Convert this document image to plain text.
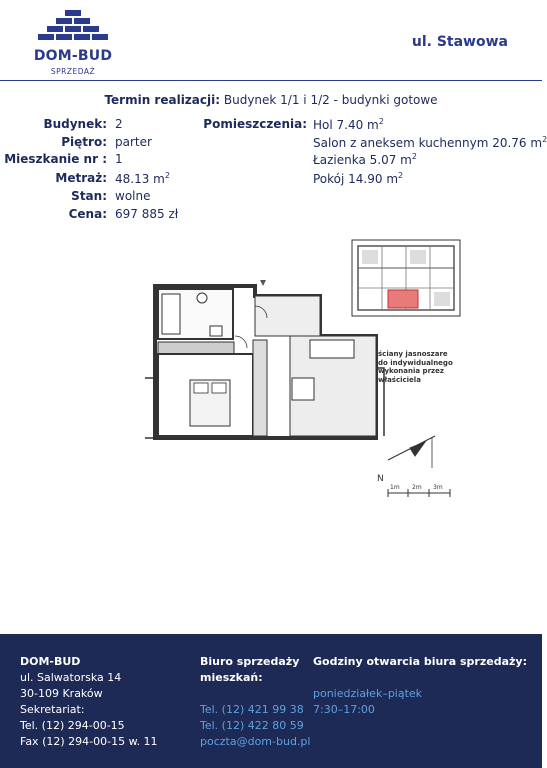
DOM-BUD
SPRZEDAŻ
ul. Stawowa
Termin realizacji: Budynek 1/1 i 1/2 - budynki gotowe
Budynek: 2
Piętro: parter
Mieszkanie nr : 1
Metraż: 48.13 $m^2$
Stan: wolne
Cena: 697 885 zł
Pomieszczenia: Hol 7.40 $m^2$
Salon z aneksem kuchennym 20.76 $m^2$
Łazienka 5.07 $m^2$
Pokój 14.90 $m^2$
ściany jasnoszare
do indywidualnego
wykonania przez
właściciela
N
1m 2m 3m
DOM-BUD
ul. Salwatorska 14
30-109 Kraków
Sekretariat:
Tel. (12) 294-00-15
Fax (12) 294-00-15 w. 11
Biuro sprzedaży
mieszkań:
Tel. (12) 421 99 38
Tel. (12) 422 80 59
poczta@dom-bud.pl
Godziny otwarcia biura sprzedaży:
poniedziałek–piątek
7:30–17:00
